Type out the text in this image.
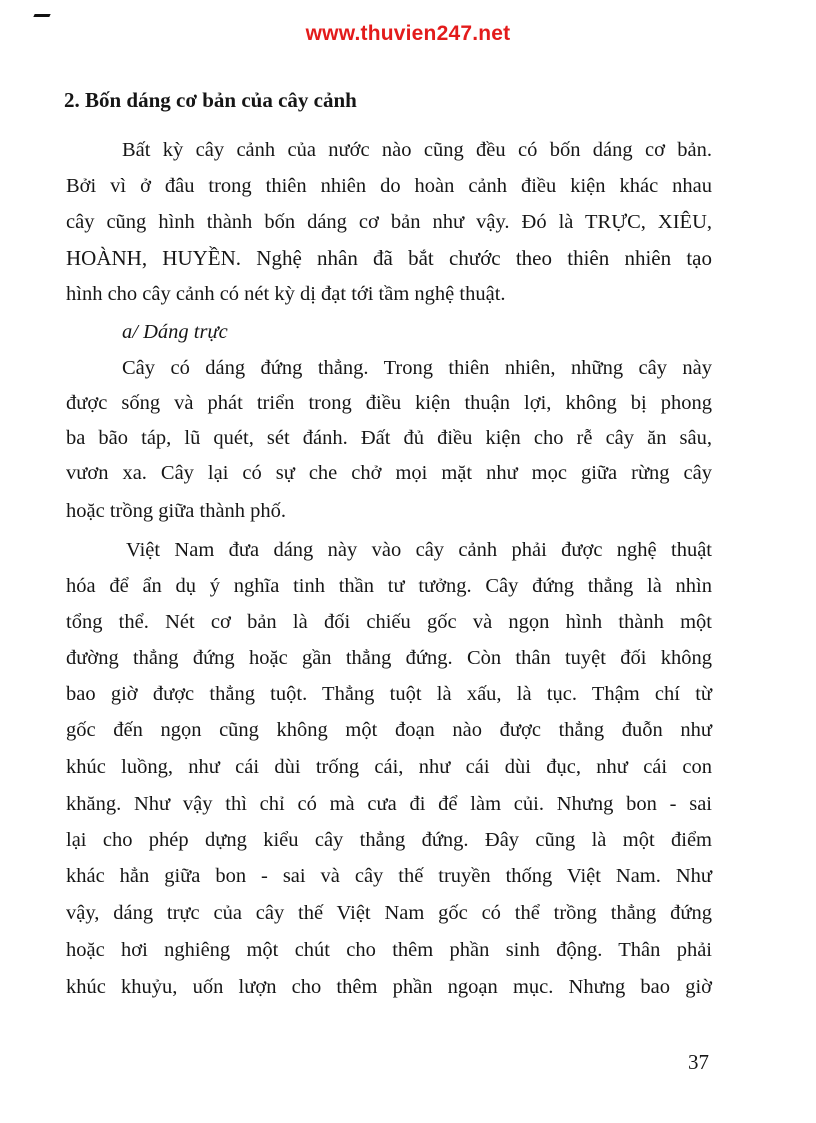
www.thuvien247.net
2. Bốn dáng cơ bản của cây cảnh
Bất kỳ cây cảnh của nước nào cũng đều có bốn dáng cơ bản.
Bởi vì ở đâu trong thiên nhiên do hoàn cảnh điều kiện khác nhau
cây cũng hình thành bốn dáng cơ bản như vậy. Đó là TRỰC, XIÊU,
HOÀNH, HUYỀN. Nghệ nhân đã bắt chước theo thiên nhiên tạo
hình cho cây cảnh có nét kỳ dị đạt tới tầm nghệ thuật.
a/ Dáng trực
Cây có dáng đứng thẳng. Trong thiên nhiên, những cây này
được sống và phát triển trong điều kiện thuận lợi, không bị phong
ba bão táp, lũ quét, sét đánh. Đất đủ điều kiện cho rễ cây ăn sâu,
vươn xa. Cây lại có sự che chở mọi mặt như mọc giữa rừng cây
hoặc trồng giữa thành phố.
Việt Nam đưa dáng này vào cây cảnh phải được nghệ thuật
hóa để ẩn dụ ý nghĩa tinh thần tư tưởng. Cây đứng thẳng là nhìn
tổng thể. Nét cơ bản là đối chiếu gốc và ngọn hình thành một
đường thẳng đứng hoặc gần thẳng đứng. Còn thân tuyệt đối không
bao giờ được thẳng tuột. Thẳng tuột là xấu, là tục. Thậm chí từ
gốc đến ngọn cũng không một đoạn nào được thẳng đuỗn như
khúc luồng, như cái dùi trống cái, như cái dùi đục, như cái con
khăng. Như vậy thì chỉ có mà cưa đi để làm củi. Nhưng bon - sai
lại cho phép dựng kiểu cây thẳng đứng. Đây cũng là một điểm
khác hẳn giữa bon - sai và cây thế truyền thống Việt Nam. Như
vậy, dáng trực của cây thế Việt Nam gốc có thể trồng thẳng đứng
hoặc hơi nghiêng một chút cho thêm phần sinh động. Thân phải
khúc khuỷu, uốn lượn cho thêm phần ngoạn mục. Nhưng bao giờ
37
